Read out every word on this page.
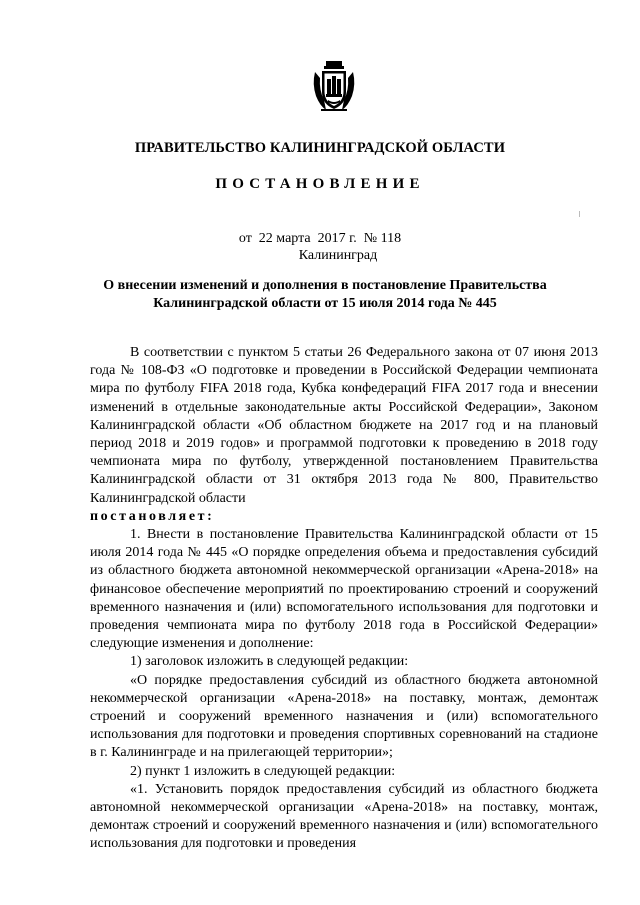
ПРАВИТЕЛЬСТВО КАЛИНИНГРАДСКОЙ ОБЛАСТИ
ПОСТАНОВЛЕНИЕ
от  22 марта  2017 г.  № 118
Калининград
О внесении изменений и дополнения в постановление Правительства
Калининградской области от 15 июля 2014 года № 445

В соответствии с пунктом 5 статьи 26 Федерального закона от 07 июня 2013 года № 108-ФЗ «О подготовке и проведении в Российской Федерации чемпионата мира по футболу FIFA 2018 года, Кубка конфедераций FIFA 2017 года и внесении изменений в отдельные законодательные акты Российской Федерации», Законом Калининградской области «Об областном бюджете на 2017 год и на плановый период 2018 и 2019 годов» и программой подготовки к проведению в 2018 году чемпионата мира по футболу, утвержденной постановлением Правительства Калининградской области от 31 октября 2013 года № 800, Правительство Калининградской области

постановляет:

1. Внести в постановление Правительства Калининградской области от 15 июля 2014 года № 445 «О порядке определения объема и предоставления субсидий из областного бюджета автономной некоммерческой организации «Арена-2018» на финансовое обеспечение мероприятий по проектированию строений и сооружений временного назначения и (или) вспомогательного использования для подготовки и проведения чемпионата мира по футболу 2018 года в Российской Федерации» следующие изменения и дополнение:

1) заголовок изложить в следующей редакции:

«О порядке предоставления субсидий из областного бюджета автономной некоммерческой организации «Арена-2018» на поставку, монтаж, демонтаж строений и сооружений временного назначения и (или) вспомогательного использования для подготовки и проведения спортивных соревнований на стадионе в г. Калининграде и на прилегающей территории»;

2) пункт 1 изложить в следующей редакции:

«1. Установить порядок предоставления субсидий из областного бюджета автономной некоммерческой организации «Арена-2018» на поставку, монтаж, демонтаж строений и сооружений временного назначения и (или) вспомогательного использования для подготовки и проведения
